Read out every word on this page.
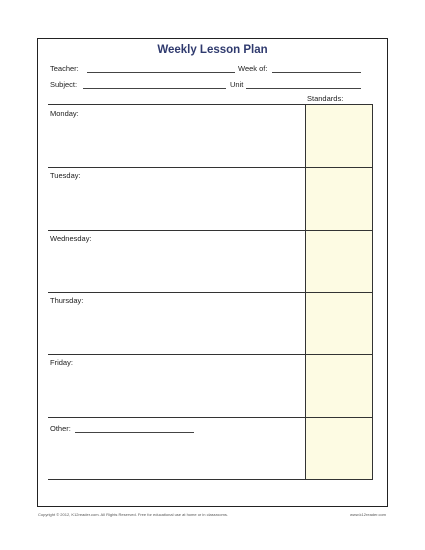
Weekly Lesson Plan
Teacher:	Week of:
Subject:	Unit
Standards:
Monday:
Tuesday:
Wednesday:
Thursday:
Friday:
Other:
Copyright © 2012, K12reader.com. All Rights Reserved. Free for educational use at home or in classrooms.	www.k12reader.com
